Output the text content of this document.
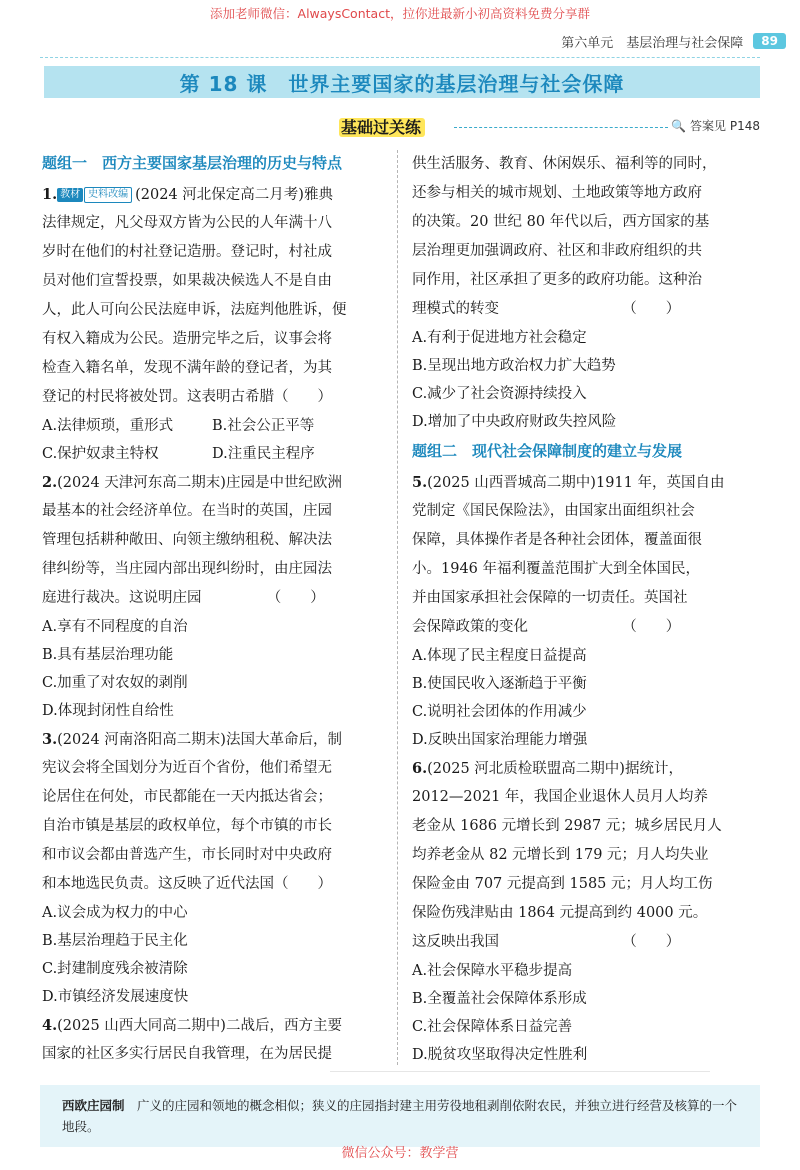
添加老师微信：AlwaysContact，拉你进最新小初高资料免费分享群
第六单元　基层治理与社会保障	89
第 18 课　世界主要国家的基层治理与社会保障
基础过关练	🔍 答案见 P148
题组一　西方主要国家基层治理的历史与特点
1. 教材 史料改编 (2024 河北保定高二月考)雅典
法律规定，凡父母双方皆为公民的人年满十八
岁时在他们的村社登记造册。登记时，村社成
员对他们宣誓投票，如果裁决候选人不是自由
人，此人可向公民法庭申诉，法庭判他胜诉，便
有权入籍成为公民。造册完毕之后，议事会将
检查入籍名单，发现不满年龄的登记者，为其
登记的村民将被处罚。这表明古希腊（　　）
A.法律烦琐，重形式	B.社会公正平等
C.保护奴隶主特权	D.注重民主程序
2.(2024 天津河东高二期末)庄园是中世纪欧洲
最基本的社会经济单位。在当时的英国，庄园
管理包括耕种敞田、向领主缴纳租税、解决法
律纠纷等，当庄园内部出现纠纷时，由庄园法
庭进行裁决。这说明庄园　　　　　（　　）
A.享有不同程度的自治
B.具有基层治理功能
C.加重了对农奴的剥削
D.体现封闭性自给性
3.(2024 河南洛阳高二期末)法国大革命后，制
宪议会将全国划分为近百个省份，他们希望无
论居住在何处，市民都能在一天内抵达省会；
自治市镇是基层的政权单位，每个市镇的市长
和市议会都由普选产生，市长同时对中央政府
和本地选民负责。这反映了近代法国（　　）
A.议会成为权力的中心
B.基层治理趋于民主化
C.封建制度残余被清除
D.市镇经济发展速度快
4.(2025 山西大同高二期中)二战后，西方主要
国家的社区多实行居民自我管理，在为居民提
供生活服务、教育、休闲娱乐、福利等的同时，
还参与相关的城市规划、土地政策等地方政府
的决策。20 世纪 80 年代以后，西方国家的基
层治理更加强调政府、社区和非政府组织的共
同作用，社区承担了更多的政府功能。这种治
理模式的转变　　　　　　　　　（　　）
A.有利于促进地方社会稳定
B.呈现出地方政治权力扩大趋势
C.减少了社会资源持续投入
D.增加了中央政府财政失控风险
题组二　现代社会保障制度的建立与发展
5.(2025 山西晋城高二期中)1911 年，英国自由
党制定《国民保险法》，由国家出面组织社会
保障，具体操作者是各种社会团体，覆盖面很
小。1946 年福利覆盖范围扩大到全体国民，
并由国家承担社会保障的一切责任。英国社
会保障政策的变化　　　　　　　（　　）
A.体现了民主程度日益提高
B.使国民收入逐渐趋于平衡
C.说明社会团体的作用减少
D.反映出国家治理能力增强
6.(2025 河北质检联盟高二期中)据统计，
2012—2021 年，我国企业退休人员月人均养
老金从 1686 元增长到 2987 元；城乡居民月人
均养老金从 82 元增长到 179 元；月人均失业
保险金由 707 元提高到 1585 元；月人均工伤
保险伤残津贴由 1864 元提高到约 4000 元。
这反映出我国　　　　　　　　　（　　）
A.社会保障水平稳步提高
B.全覆盖社会保障体系形成
C.社会保障体系日益完善
D.脱贫攻坚取得决定性胜利
西欧庄园制　广义的庄园和领地的概念相似；狭义的庄园指封建主用劳役地租剥削依附农民，并独立进行经营及核算的一个地段。
微信公众号：教学营
